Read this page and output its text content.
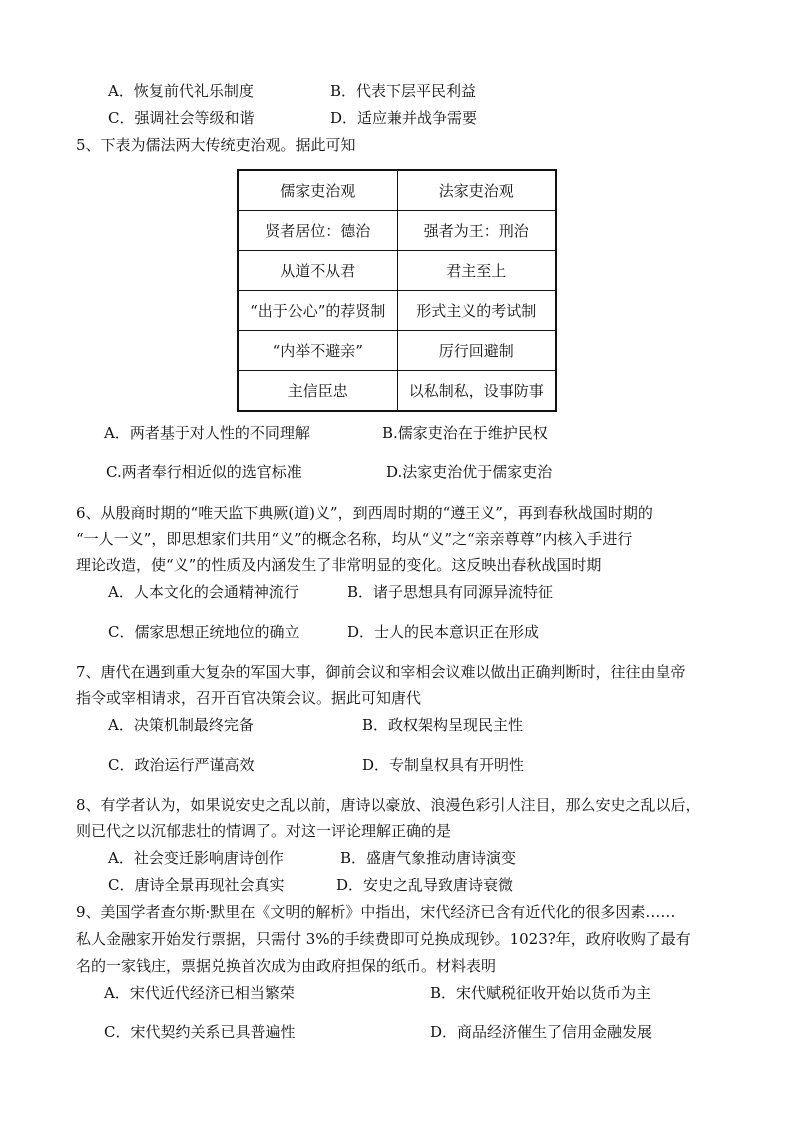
A．恢复前代礼乐制度	B．代表下层平民利益
C．强调社会等级和谐	D．适应兼并战争需要
5、下表为儒法两大传统吏治观。据此可知
儒家吏治观	法家吏治观
贤者居位：德治	强者为王：刑治
从道不从君	君主至上
“出于公心”的荐贤制	形式主义的考试制
“内举不避亲”	厉行回避制
主信臣忠	以私制私，设事防事
A．两者基于对人性的不同理解	B.儒家吏治在于维护民权
C.两者奉行相近似的选官标准	D.法家吏治优于儒家吏治
6、从殷商时期的“唯天监下典厥(道)义”，到西周时期的“遵王义”，再到春秋战国时期的
“一人一义”，即思想家们共用“义”的概念名称，均从“义”之“亲亲尊尊”内核入手进行
理论改造，使“义”的性质及内涵发生了非常明显的变化。这反映出春秋战国时期
A．人本文化的会通精神流行	B．诸子思想具有同源异流特征
C．儒家思想正统地位的确立	D．士人的民本意识正在形成
7、唐代在遇到重大复杂的军国大事，御前会议和宰相会议难以做出正确判断时，往往由皇帝
指令或宰相请求，召开百官决策会议。据此可知唐代
A．决策机制最终完备	B．政权架构呈现民主性
C．政治运行严谨高效	D．专制皇权具有开明性
8、有学者认为，如果说安史之乱以前，唐诗以豪放、浪漫色彩引人注目，那么安史之乱以后，
则已代之以沉郁悲壮的情调了。对这一评论理解正确的是
A．社会变迁影响唐诗创作	B．盛唐气象推动唐诗演变
C．唐诗全景再现社会真实	D．安史之乱导致唐诗衰微
9、美国学者查尔斯·默里在《文明的解析》中指出，宋代经济已含有近代化的很多因素……
私人金融家开始发行票据，只需付 3%的手续费即可兑换成现钞。1023?年，政府收购了最有
名的一家钱庄，票据兑换首次成为由政府担保的纸币。材料表明
A．宋代近代经济已相当繁荣	B．宋代赋税征收开始以货币为主
C．宋代契约关系已具普遍性	D．商品经济催生了信用金融发展
